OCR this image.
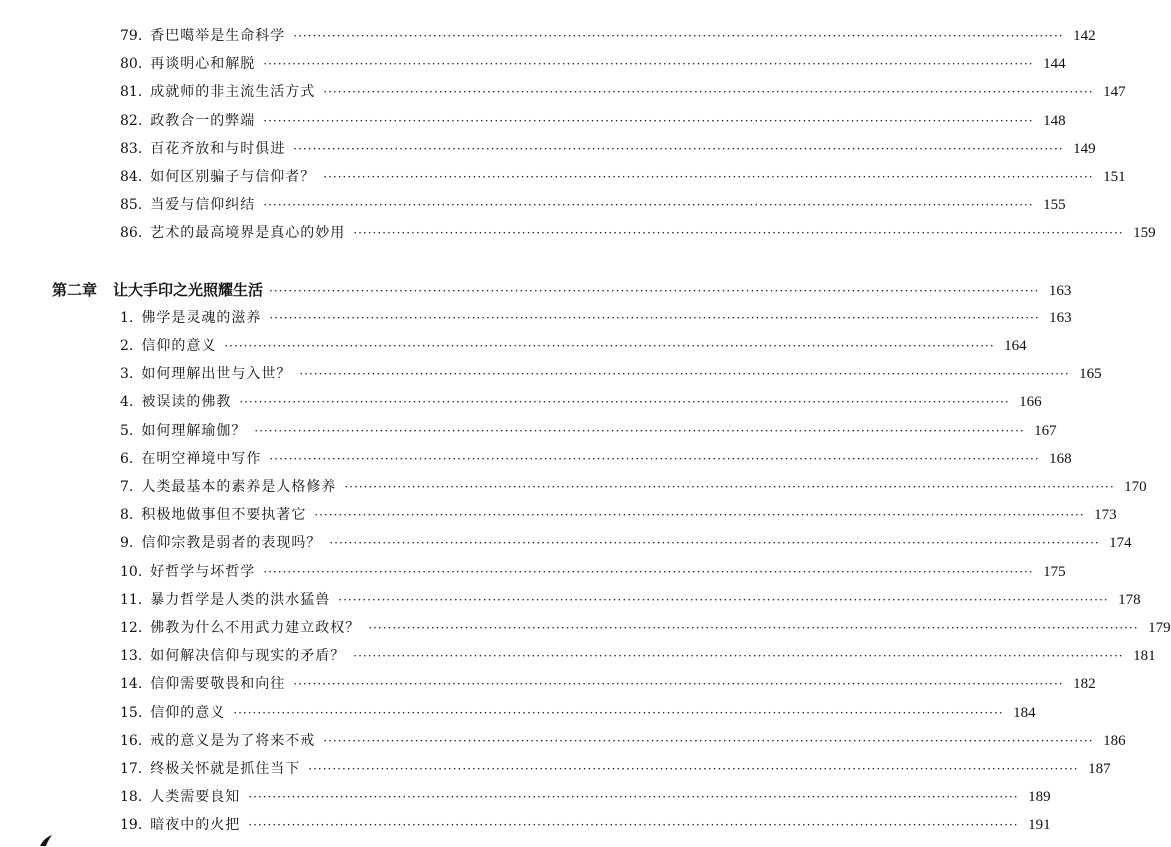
79. 香巴噶举是生命科学 ································································································································································ 142
80. 再谈明心和解脱 ································································································································································ 144
81. 成就师的非主流生活方式 ································································································································································ 147
82. 政教合一的弊端 ································································································································································ 148
83. 百花齐放和与时俱进 ································································································································································ 149
84. 如何区别骗子与信仰者？ ································································································································································ 151
85. 当爱与信仰纠结 ································································································································································ 155
86. 艺术的最高境界是真心的妙用 ································································································································································ 159
第二章 让大手印之光照耀生活 ································································································································································ 163
1. 佛学是灵魂的滋养 ································································································································································ 163
2. 信仰的意义 ································································································································································ 164
3. 如何理解出世与入世？ ································································································································································ 165
4. 被误读的佛教 ································································································································································ 166
5. 如何理解瑜伽？ ································································································································································ 167
6. 在明空禅境中写作 ································································································································································ 168
7. 人类最基本的素养是人格修养 ································································································································································ 170
8. 积极地做事但不要执著它 ································································································································································ 173
9. 信仰宗教是弱者的表现吗？ ································································································································································ 174
10. 好哲学与坏哲学 ································································································································································ 175
11. 暴力哲学是人类的洪水猛兽 ································································································································································ 178
12. 佛教为什么不用武力建立政权？ ································································································································································ 179
13. 如何解决信仰与现实的矛盾？ ································································································································································ 181
14. 信仰需要敬畏和向往 ································································································································································ 182
15. 信仰的意义 ································································································································································ 184
16. 戒的意义是为了将来不戒 ································································································································································ 186
17. 终极关怀就是抓住当下 ································································································································································ 187
18. 人类需要良知 ································································································································································ 189
19. 暗夜中的火把 ································································································································································ 191
